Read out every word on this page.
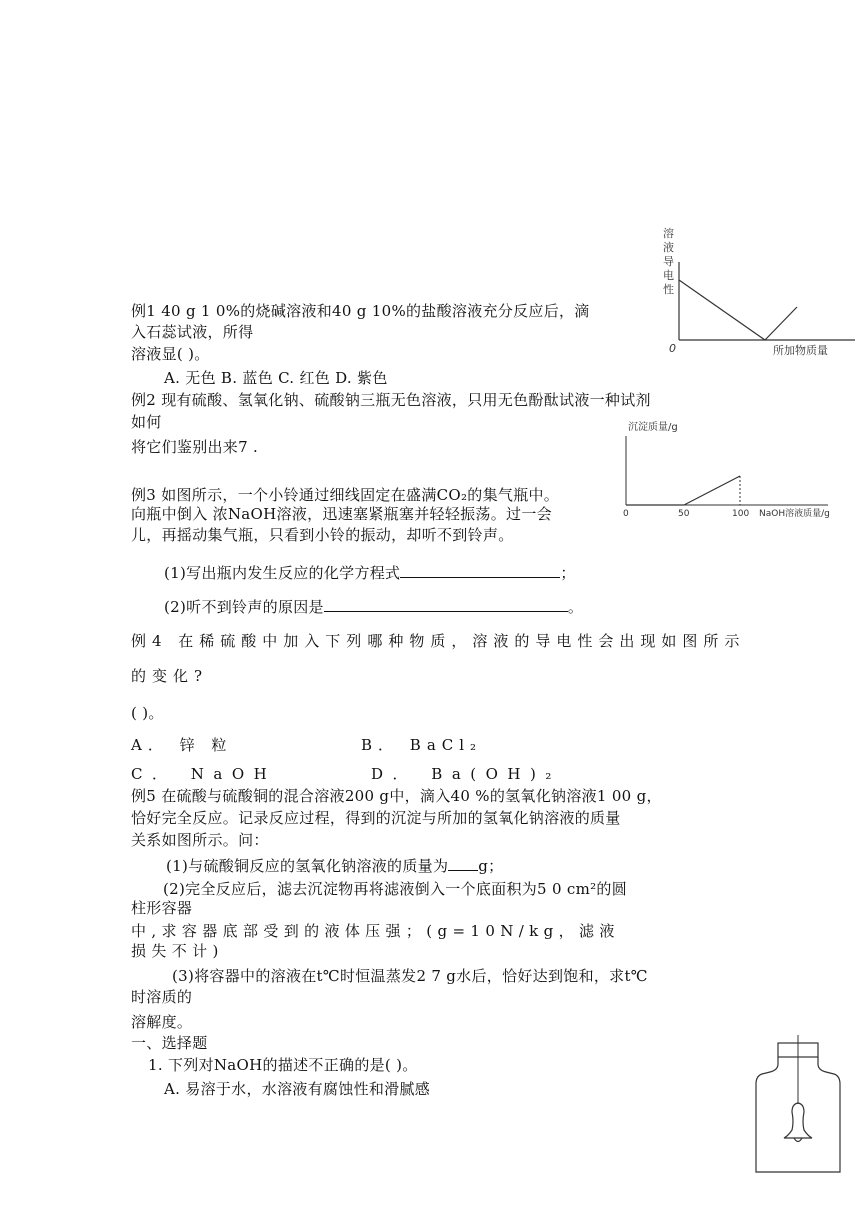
溶
液
导
电
性
0	所加物质量
沉淀质量/g
0	50	100 NaOH溶液质量/g
例1 40 g 1 0%的烧碱溶液和40 g 10%的盐酸溶液充分反应后，滴
入石蕊试液，所得
溶液显( )。
A. 无色 B. 蓝色 C. 红色 D. 紫色
例2 现有硫酸、氢氧化钠、硫酸钠三瓶无色溶液，只用无色酚酞试液一种试剂
如何
将它们鉴别出来7 .
例3 如图所示，一个小铃通过细线固定在盛满CO₂的集气瓶中。
向瓶中倒入 浓NaOH溶液，迅速塞紧瓶塞并轻轻振荡。过一会
儿，再摇动集气瓶，只看到小铃的振动，却听不到铃声。
(1)写出瓶内发生反应的化学方程式	；
(2)听不到铃声的原因是	。
例4 在稀硫酸中加入下列哪种物质，溶液的导电性会出现如图所示
的变化?
( )。
A． 锌 粒	B． BaCl₂
C． NaOH	D． Ba(OH)₂
例5 在硫酸与硫酸铜的混合溶液200 g中，滴入40 %的氢氧化钠溶液1 00 g，
恰好完全反应。记录反应过程，得到的沉淀与所加的氢氧化钠溶液的质量
关系如图所示。问：
(1)与硫酸铜反应的氢氧化钠溶液的质量为 g；
(2)完全反应后，滤去沉淀物再将滤液倒入一个底面积为5 0 cm²的圆
柱形容器
中 , 求 容 器 底 部 受 到 的 液 体 压 强 ； ( g = 1 0 N / k g ， 滤 液
损 失 不 计 )
(3)将容器中的溶液在t℃时恒温蒸发2 7 g水后，恰好达到饱和，求t℃
时溶质的
溶解度。
一、选择题
1. 下列对NaOH的描述不正确的是( )。
A. 易溶于水，水溶液有腐蚀性和滑腻感
